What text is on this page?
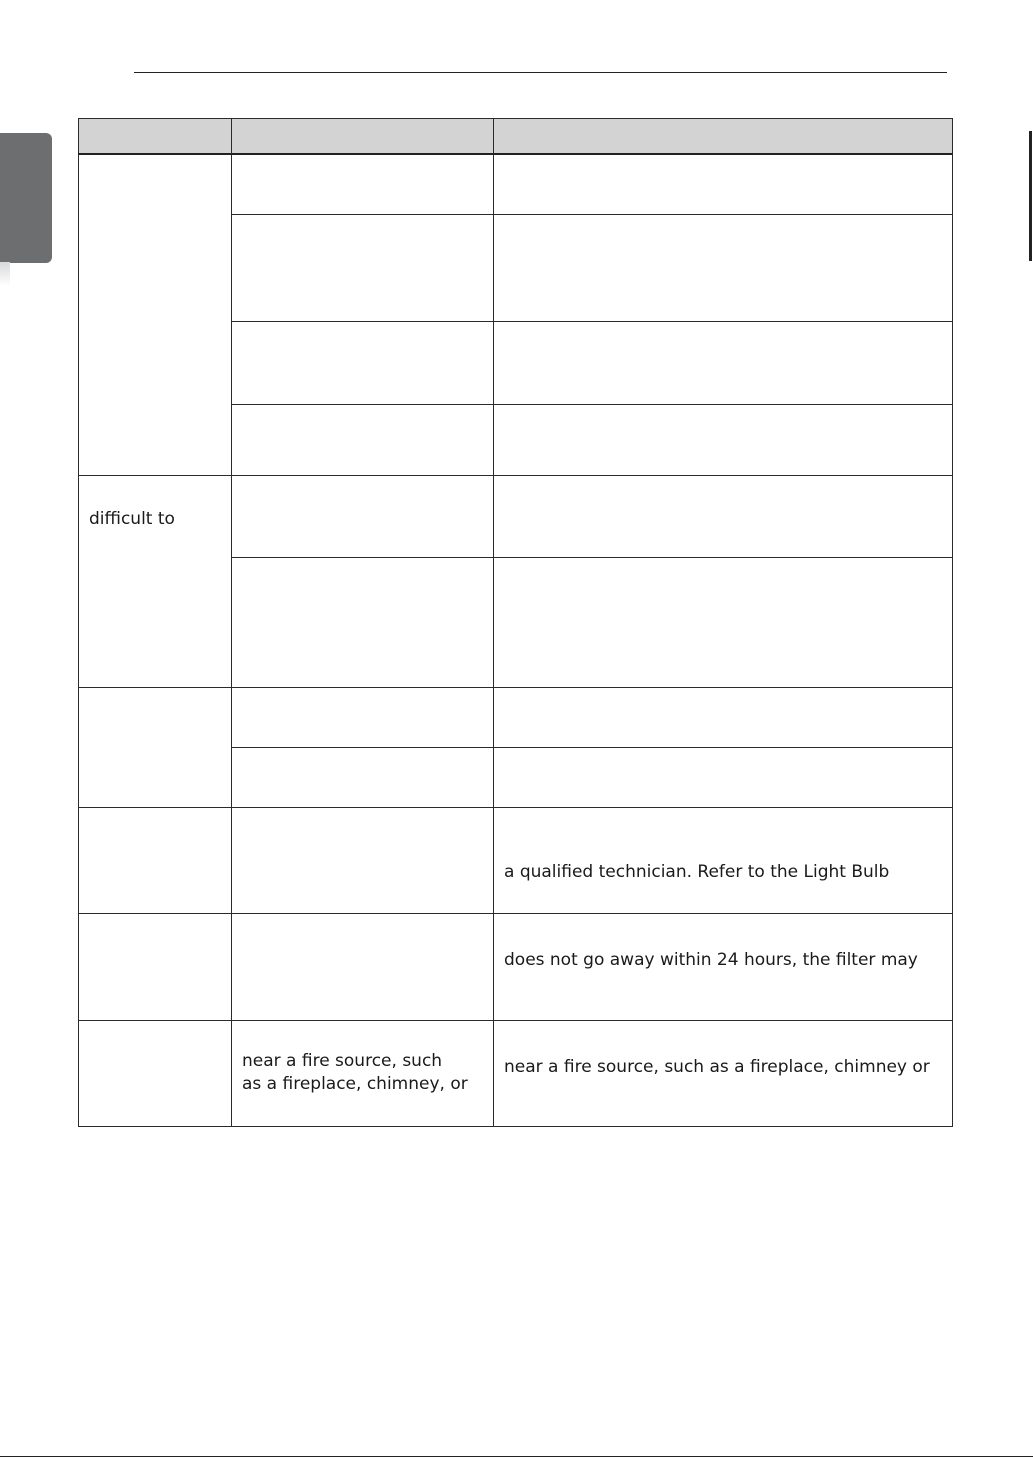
difficult to		

		a qualified technician. Refer to the Light Bulb
		does not go away within 24 hours, the filter may

	near a fire source, such
as a fireplace, chimney, or	near a fire source, such as a fireplace, chimney or
